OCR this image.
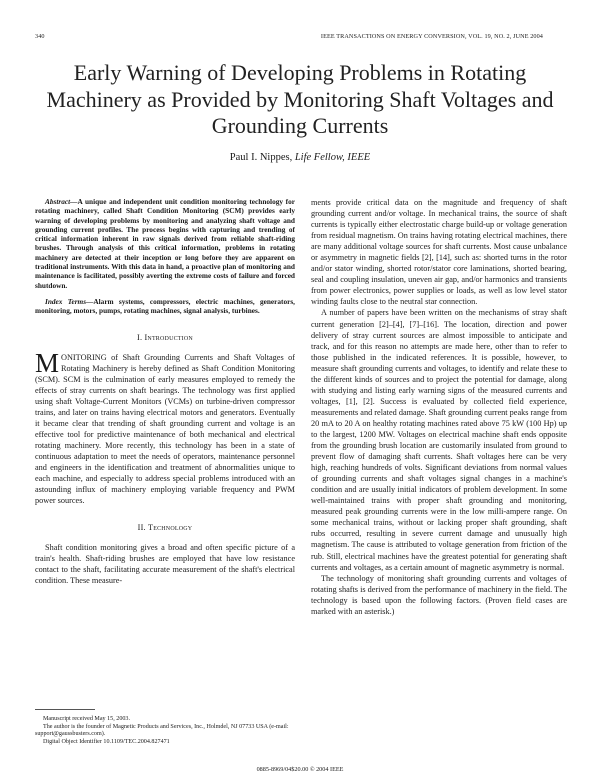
340	IEEE TRANSACTIONS ON ENERGY CONVERSION, VOL. 19, NO. 2, JUNE 2004
Early Warning of Developing Problems in Rotating Machinery as Provided by Monitoring Shaft Voltages and Grounding Currents
Paul I. Nippes, Life Fellow, IEEE

Abstract—A unique and independent unit condition monitoring technology for rotating machinery, called Shaft Condition Monitoring (SCM) provides early warning of developing problems by monitoring and analyzing shaft voltage and grounding current profiles. The process begins with capturing and trending of critical information inherent in raw signals derived from reliable shaft-riding brushes. Through analysis of this critical information, problems in rotating machinery are detected at their inception or long before they are apparent on traditional instruments. With this data in hand, a proactive plan of monitoring and maintenance is facilitated, possibly averting the extreme costs of failure and forced shutdown.

Index Terms—Alarm systems, compressors, electric machines, generators, monitoring, motors, pumps, rotating machines, signal analysis, turbines.

I. Introduction

MONITORING of Shaft Grounding Currents and Shaft Voltages of Rotating Machinery is hereby defined as Shaft Condition Monitoring (SCM). SCM is the culmination of early measures employed to remedy the effects of stray currents on shaft bearings. The technology was first applied using shaft Voltage-Current Monitors (VCMs) on turbine-driven compressor trains, and later on trains having electrical motors and generators. Eventually it became clear that trending of shaft grounding current and voltage is an effective tool for predictive maintenance of both mechanical and electrical rotating machinery. More recently, this technology has been in a state of continuous adaptation to meet the needs of operators, maintenance personnel and engineers in the identification and treatment of abnormalities unique to each machine, and especially to address special problems introduced with an astounding influx of machinery employing variable frequency and PWM power sources.

II. Technology

Shaft condition monitoring gives a broad and often specific picture of a train's health. Shaft-riding brushes are employed that have low resistance contact to the shaft, facilitating accurate measurement of the shaft's electrical condition. These measure-

Manuscript received May 15, 2003.

The author is the founder of Magnetic Products and Services, Inc., Holmdel, NJ 07733 USA (e-mail: support@gaussbusters.com).

Digital Object Identifier 10.1109/TEC.2004.827471

ments provide critical data on the magnitude and frequency of shaft grounding current and/or voltage. In mechanical trains, the source of shaft currents is typically either electrostatic charge build-up or voltage generation from residual magnetism. On trains having rotating electrical machines, there are many additional voltage sources for shaft currents. Most cause unbalance or asymmetry in magnetic fields [2], [14], such as: shorted turns in the rotor and/or stator winding, shorted rotor/stator core laminations, shorted bearing, seal and coupling insulation, uneven air gap, and/or harmonics and transients from power electronics, power supplies or loads, as well as low level stator winding faults close to the neutral star connection.

A number of papers have been written on the mechanisms of stray shaft current generation [2]–[4], [7]–[16]. The location, direction and power delivery of stray current sources are almost impossible to anticipate and track, and for this reason no attempts are made here, other than to refer to those published in the indicated references. It is possible, however, to measure shaft grounding currents and voltages, to identify and relate these to the different kinds of sources and to project the potential for damage, along with studying and listing early warning signs of the measured currents and voltages, [1], [2]. Success is evaluated by collected field experience, measurements and related damage. Shaft grounding current peaks range from 20 mA to 20 A on healthy rotating machines rated above 75 kW (100 Hp) up to the largest, 1200 MW. Voltages on electrical machine shaft ends opposite from the grounding brush location are customarily insulated from ground to prevent flow of damaging shaft currents. Shaft voltages here can be very high, reaching hundreds of volts. Significant deviations from normal values of grounding currents and shaft voltages signal changes in a machine's condition and are usually initial indicators of problem development. In some well-maintained trains with proper shaft grounding and monitoring, measured peak grounding currents were in the low milli-ampere range. On some mechanical trains, without or lacking proper shaft grounding, shaft rubs occurred, resulting in severe current damage and unusually high magnetism. The cause is attributed to voltage generation from friction of the rub. Still, electrical machines have the greatest potential for generating shaft currents and voltages, as a certain amount of magnetic asymmetry is normal.

The technology of monitoring shaft grounding currents and voltages of rotating shafts is derived from the performance of machinery in the field. The technology is based upon the following factors. (Proven field cases are marked with an asterisk.)

0885-8969/04$20.00 © 2004 IEEE
